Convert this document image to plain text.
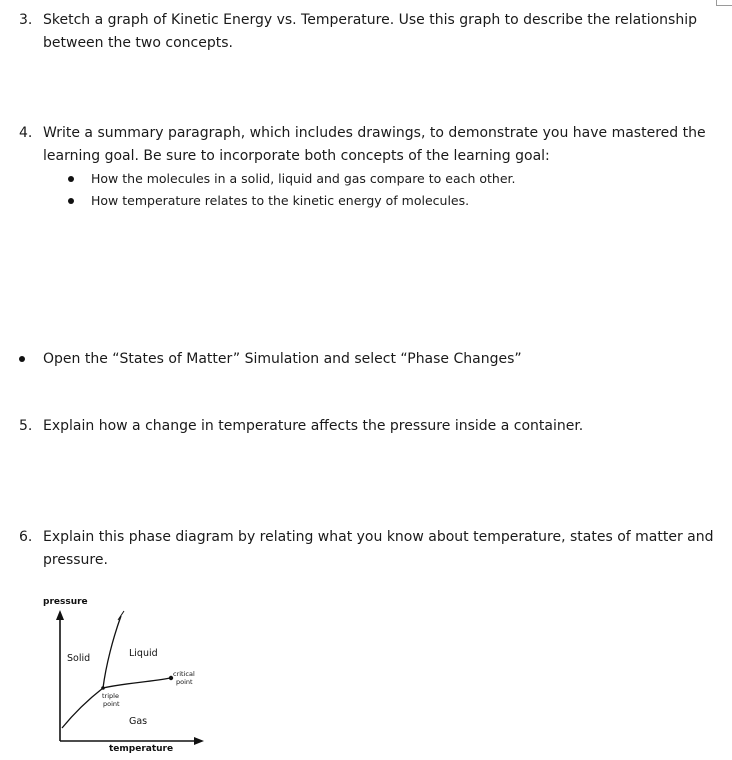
3. Sketch a graph of Kinetic Energy vs. Temperature. Use this graph to describe the relationship between the two concepts.
4. Write a summary paragraph, which includes drawings, to demonstrate you have mastered the learning goal. Be sure to incorporate both concepts of the learning goal:
How the molecules in a solid, liquid and gas compare to each other.
How temperature relates to the kinetic energy of molecules.
Open the “States of Matter” Simulation and select “Phase Changes”
5. Explain how a change in temperature affects the pressure inside a container.
6. Explain this phase diagram by relating what you know about temperature, states of matter and pressure.
pressure
temperature
Solid	Liquid
Gas
triple
point
critical
point
